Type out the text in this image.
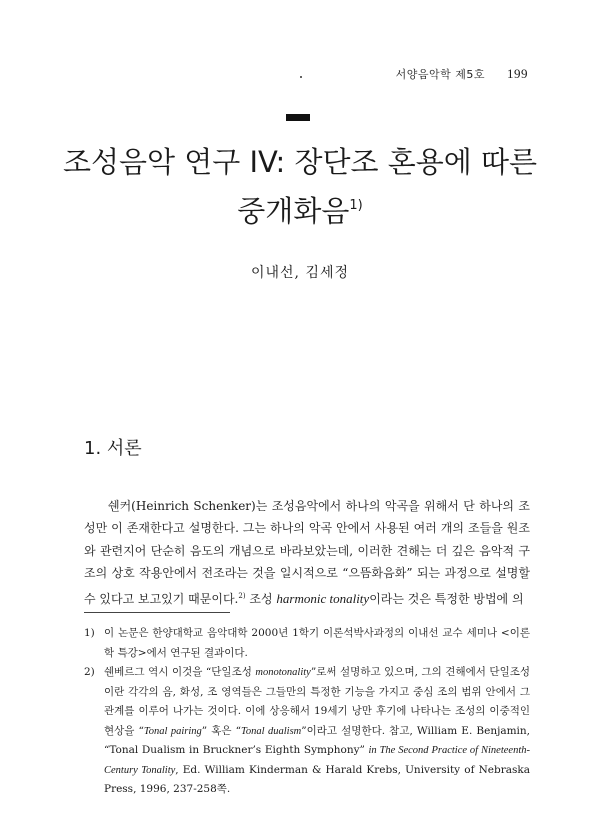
서양음악학 제5호 199
조성음악 연구 IV: 장단조 혼용에 따른
중개화음$^{1)}$
이내선, 김세정
1. 서론

쉔커(Heinrich Schenker)는 조성음악에서 하나의 악곡을 위해서 단 하나의 조성만 이 존재한다고 설명한다. 그는 하나의 악곡 안에서 사용된 여러 개의 조들을 원조와 관련지어 단순히 음도의 개념으로 바라보았는데, 이러한 견해는 더 깊은 음악적 구조의 상호 작용안에서 전조라는 것을 일시적으로 “으뜸화음화” 되는 과정으로 설명할 수 있다고 보고있기 때문이다.$^{2)}$ 조성 harmonic tonality이라는 것은 특정한 방법에 의

1) 이 논문은 한양대학교 음악대학 2000년 1학기 이론석박사과정의 이내선 교수 세미나 <이론학 특강>에서 연구된 결과이다.
2) 쉔베르그 역시 이것을 “단일조성 monotonality”로써 설명하고 있으며, 그의 견해에서 단일조성이란 각각의 음, 화성, 조 영역들은 그들만의 특정한 기능을 가지고 중심 조의 범위 안에서 그 관계를 이루어 나가는 것이다. 이에 상응해서 19세기 낭만 후기에 나타나는 조성의 이중적인 현상을 “Tonal pairing” 혹은 “Tonal dualism”이라고 설명한다. 참고, William E. Benjamin, “Tonal Dualism in Bruckner’s Eighth Symphony” in The Second Practice of Nineteenth-Century Tonality, Ed. William Kinderman & Harald Krebs, University of Nebraska Press, 1996, 237-258쪽.
